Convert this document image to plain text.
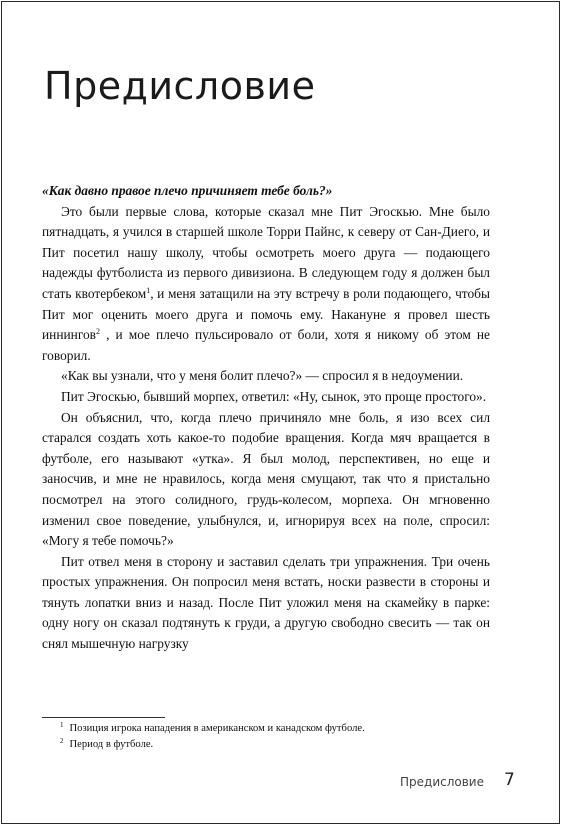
Предисловие

«Как давно правое плечо причиняет тебе боль?»

Это были первые слова, которые сказал мне Пит Эгоскью. Мне было пятнадцать, я учился в старшей школе Торри Пайнс, к северу от Сан-Диего, и Пит посетил нашу школу, чтобы осмотреть моего друга — подающего надежды футболиста из первого дивизиона. В следующем году я должен был стать квотербеком$^1$, и меня затащили на эту встречу в роли подающего, чтобы Пит мог оценить моего друга и помочь ему. Накануне я провел шесть иннингов$^2$ , и мое плечо пульсировало от боли, хотя я никому об этом не говорил.

«Как вы узнали, что у меня болит плечо?» — спросил я в недоумении.

Пит Эгоскью, бывший морпех, ответил: «Ну, сынок, это проще простого».

Он объяснил, что, когда плечо причиняло мне боль, я изо всех сил старался создать хоть какое-то подобие вращения. Когда мяч вращается в футболе, его называют «утка». Я был молод, перспективен, но еще и заносчив, и мне не нравилось, когда меня смущают, так что я пристально посмотрел на этого солидного, грудь-колесом, морпеха. Он мгновенно изменил свое поведение, улыбнулся, и, игнорируя всех на поле, спросил: «Могу я тебе помочь?»

Пит отвел меня в сторону и заставил сделать три упражнения. Три очень простых упражнения. Он попросил меня встать, носки развести в стороны и тянуть лопатки вниз и назад. После Пит уложил меня на скамейку в парке: одну ногу он сказал подтянуть к груди, а другую свободно свесить — так он снял мышечную нагрузку

$^1$ Позиция игрока нападения в американском и канадском футболе.
$^2$ Период в футболе.
Предисловие 7
